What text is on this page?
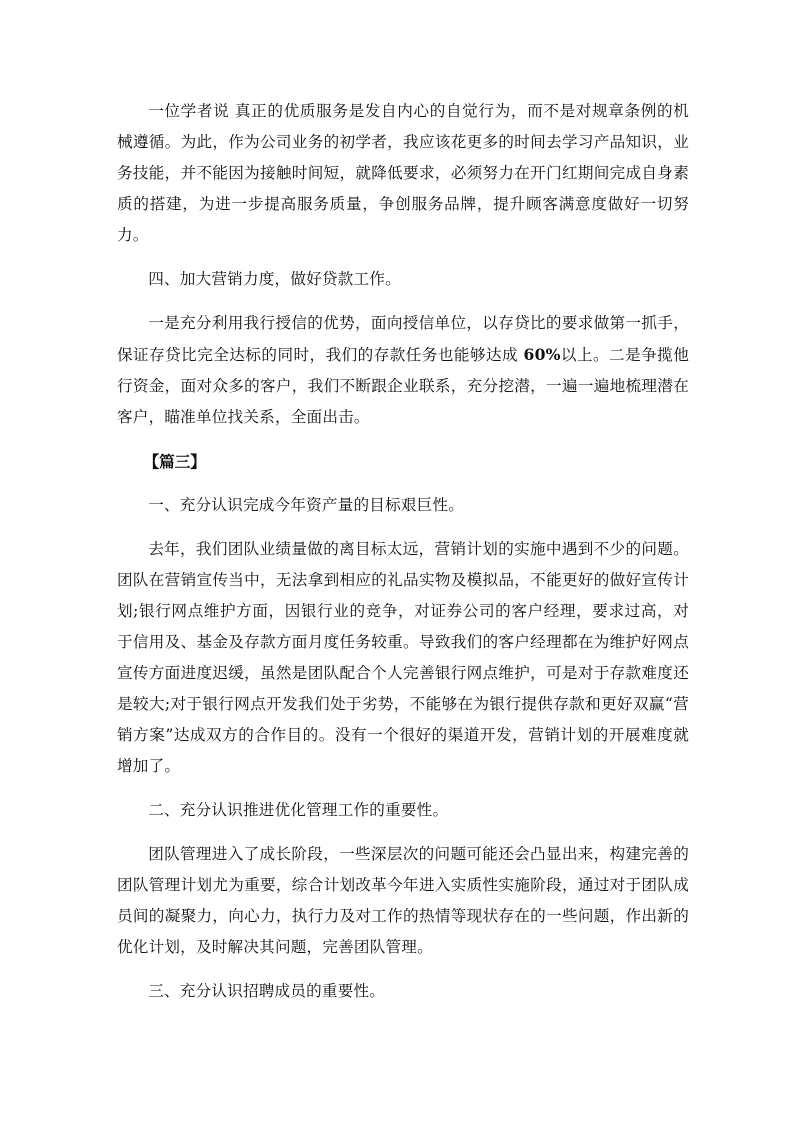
一位学者说 真正的优质服务是发自内心的自觉行为，而不是对规章条例的机械遵循。为此，作为公司业务的初学者，我应该花更多的时间去学习产品知识，业务技能，并不能因为接触时间短，就降低要求，必须努力在开门红期间完成自身素质的搭建，为进一步提高服务质量，争创服务品牌，提升顾客满意度做好一切努力。

四、加大营销力度，做好贷款工作。

一是充分利用我行授信的优势，面向授信单位，以存贷比的要求做第一抓手，保证存贷比完全达标的同时，我们的存款任务也能够达成 60%以上。二是争揽他行资金，面对众多的客户，我们不断跟企业联系，充分挖潜，一遍一遍地梳理潜在客户，瞄准单位找关系，全面出击。

【篇三】

一、充分认识完成今年资产量的目标艰巨性。

去年，我们团队业绩量做的离目标太远，营销计划的实施中遇到不少的问题。团队在营销宣传当中，无法拿到相应的礼品实物及模拟品，不能更好的做好宣传计划;银行网点维护方面，因银行业的竞争，对证券公司的客户经理，要求过高，对于信用及、基金及存款方面月度任务较重。导致我们的客户经理都在为维护好网点宣传方面进度迟缓，虽然是团队配合个人完善银行网点维护，可是对于存款难度还是较大;对于银行网点开发我们处于劣势，不能够在为银行提供存款和更好双赢“营销方案”达成双方的合作目的。没有一个很好的渠道开发，营销计划的开展难度就增加了。

二、充分认识推进优化管理工作的重要性。

团队管理进入了成长阶段，一些深层次的问题可能还会凸显出来，构建完善的团队管理计划尤为重要，综合计划改革今年进入实质性实施阶段，通过对于团队成员间的凝聚力，向心力，执行力及对工作的热情等现状存在的一些问题，作出新的优化计划，及时解决其问题，完善团队管理。

三、充分认识招聘成员的重要性。
